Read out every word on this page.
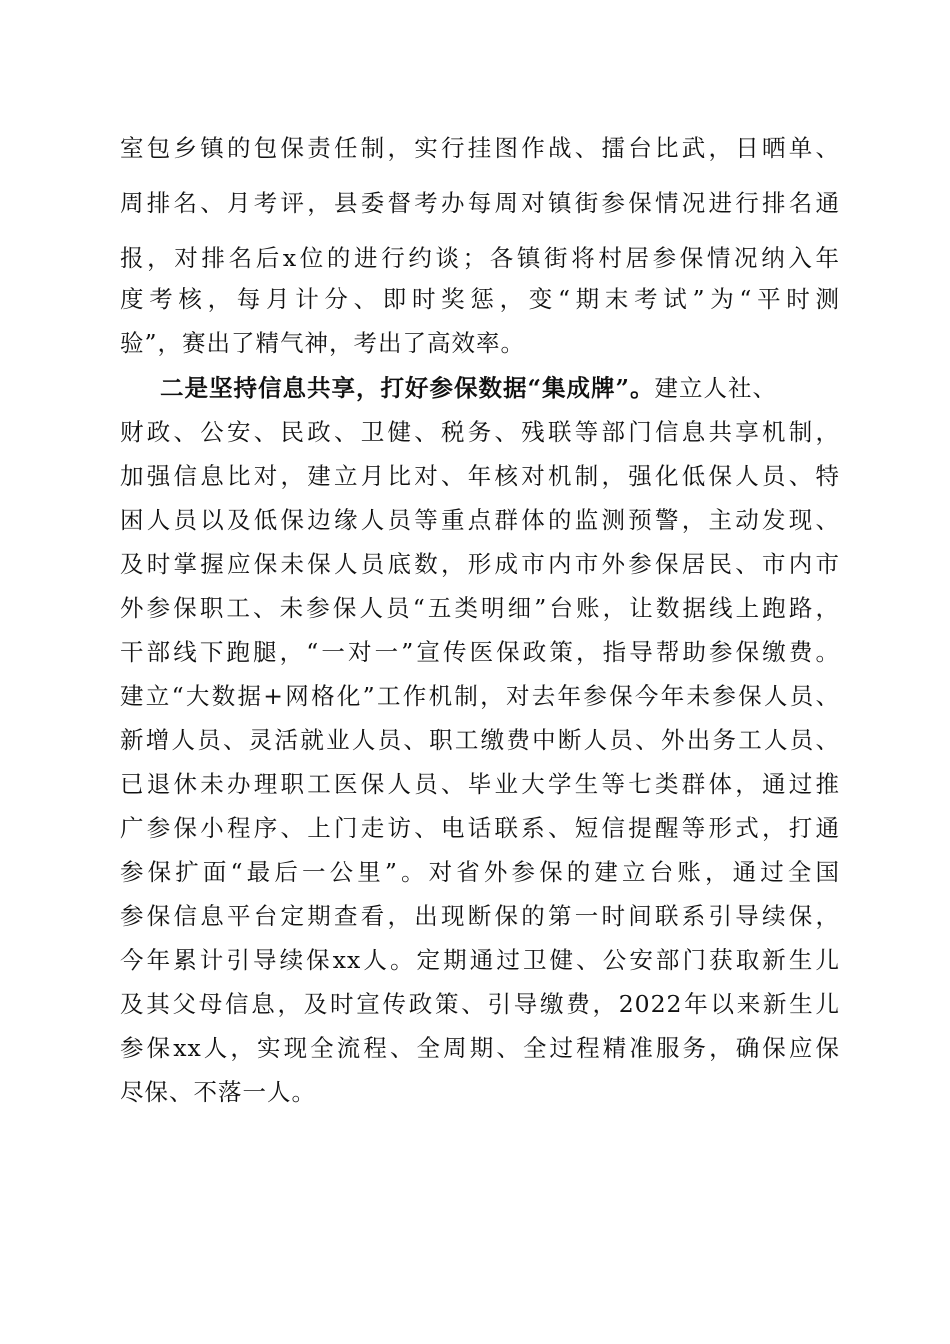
室包乡镇的包保责任制，实行挂图作战、擂台比武，日晒单、
周排名、月考评，县委督考办每周对镇街参保情况进行排名通
报，对排名后x位的进行约谈；各镇街将村居参保情况纳入年
度考核，每月计分、即时奖惩，变“期末考试”为“平时测
验”，赛出了精气神，考出了高效率。
二是坚持信息共享，打好参保数据“集成牌”。建立人社、
财政、公安、民政、卫健、税务、残联等部门信息共享机制，
加强信息比对，建立月比对、年核对机制，强化低保人员、特
困人员以及低保边缘人员等重点群体的监测预警，主动发现、
及时掌握应保未保人员底数，形成市内市外参保居民、市内市
外参保职工、未参保人员“五类明细”台账，让数据线上跑路，
干部线下跑腿，“一对一”宣传医保政策，指导帮助参保缴费。
建立“大数据+网格化”工作机制，对去年参保今年未参保人员、
新增人员、灵活就业人员、职工缴费中断人员、外出务工人员、
已退休未办理职工医保人员、毕业大学生等七类群体，通过推
广参保小程序、上门走访、电话联系、短信提醒等形式，打通
参保扩面“最后一公里”。对省外参保的建立台账，通过全国
参保信息平台定期查看，出现断保的第一时间联系引导续保，
今年累计引导续保xx人。定期通过卫健、公安部门获取新生儿
及其父母信息，及时宣传政策、引导缴费，2022年以来新生儿
参保xx人，实现全流程、全周期、全过程精准服务，确保应保
尽保、不落一人。
